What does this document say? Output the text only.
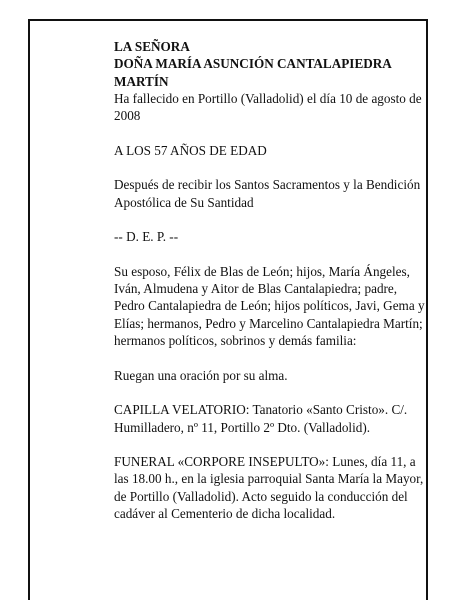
LA SEÑORA

DOÑA MARÍA ASUNCIÓN CANTALAPIEDRA MARTÍN

Ha fallecido en Portillo (Valladolid) el día 10 de agosto de 2008

A LOS 57 AÑOS DE EDAD

Después de recibir los Santos Sacramentos y la Bendición Apostólica de Su Santidad

-- D. E. P. --

Su esposo, Félix de Blas de León; hijos, María Ángeles, Iván, Almudena y Aitor de Blas Cantalapiedra; padre, Pedro Cantalapiedra de León; hijos políticos, Javi, Gema y Elías; hermanos, Pedro y Marcelino Cantalapiedra Martín; hermanos políticos, sobrinos y demás familia:

Ruegan una oración por su alma.

CAPILLA VELATORIO: Tanatorio «Santo Cristo». C/. Humilladero, nº 11, Portillo 2º Dto. (Valladolid).

FUNERAL «CORPORE INSEPULTO»: Lunes, día 11, a las 18.00 h., en la iglesia parroquial Santa María la Mayor, de Portillo (Valladolid). Acto seguido la conducción del cadáver al Cementerio de dicha localidad.
